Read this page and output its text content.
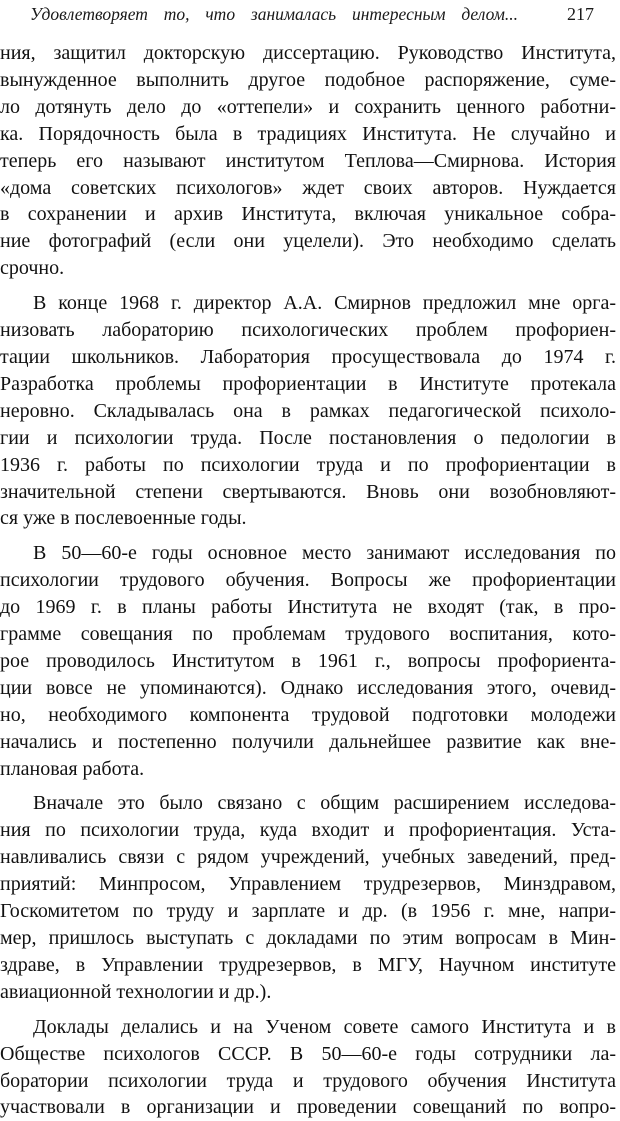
Удовлетворяет то, что занималась интересным делом...	217
ния, защитил докторскую диссертацию. Руководство Института,
вынужденное выполнить другое подобное распоряжение, суме-
ло дотянуть дело до «оттепели» и сохранить ценного работни-
ка. Порядочность была в традициях Института. Не случайно и
теперь его называют институтом Теплова—Смирнова. История
«дома советских психологов» ждет своих авторов. Нуждается
в сохранении и архив Института, включая уникальное собра-
ние фотографий (если они уцелели). Это необходимо сделать
срочно.
В конце 1968 г. директор А.А. Смирнов предложил мне орга-
низовать лабораторию психологических проблем профориен-
тации школьников. Лаборатория просуществовала до 1974 г.
Разработка проблемы профориентации в Институте протекала
неровно. Складывалась она в рамках педагогической психоло-
гии и психологии труда. После постановления о педологии в
1936 г. работы по психологии труда и по профориентации в
значительной степени свертываются. Вновь они возобновляют-
ся уже в послевоенные годы.
В 50—60-е годы основное место занимают исследования по
психологии трудового обучения. Вопросы же профориентации
до 1969 г. в планы работы Института не входят (так, в про-
грамме совещания по проблемам трудового воспитания, кото-
рое проводилось Институтом в 1961 г., вопросы профориента-
ции вовсе не упоминаются). Однако исследования этого, очевид-
но, необходимого компонента трудовой подготовки молодежи
начались и постепенно получили дальнейшее развитие как вне-
плановая работа.
Вначале это было связано с общим расширением исследова-
ния по психологии труда, куда входит и профориентация. Уста-
навливались связи с рядом учреждений, учебных заведений, пред-
приятий: Минпросом, Управлением трудрезервов, Минздравом,
Госкомитетом по труду и зарплате и др. (в 1956 г. мне, напри-
мер, пришлось выступать с докладами по этим вопросам в Мин-
здраве, в Управлении трудрезервов, в МГУ, Научном институте
авиационной технологии и др.).
Доклады делались и на Ученом совете самого Института и в
Обществе психологов СССР. В 50—60-е годы сотрудники ла-
боратории психологии труда и трудового обучения Института
участвовали в организации и проведении совещаний по вопро-
